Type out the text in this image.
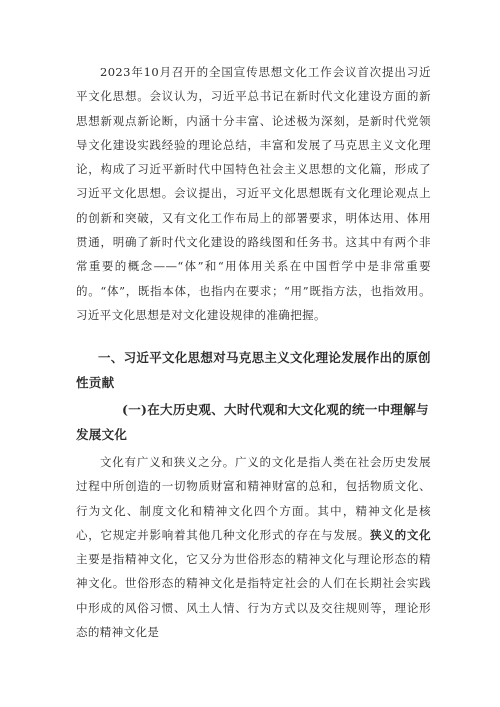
2023年10月召开的全国宣传思想文化工作会议首次提出习近平文化思想。会议认为，习近平总书记在新时代文化建设方面的新思想新观点新论断，内涵十分丰富、论述极为深刻，是新时代党领导文化建设实践经验的理论总结，丰富和发展了马克思主义文化理论，构成了习近平新时代中国特色社会主义思想的文化篇，形成了习近平文化思想。会议提出，习近平文化思想既有文化理论观点上的创新和突破，又有文化工作布局上的部署要求，明体达用、体用贯通，明确了新时代文化建设的路线图和任务书。这其中有两个非常重要的概念——“体”和“用体用关系在中国哲学中是非常重要的。“体”，既指本体，也指内在要求；“用”既指方法，也指效用。习近平文化思想是对文化建设规律的准确把握。

一、习近平文化思想对马克思主义文化理论发展作出的原创性贡献

(一)在大历史观、大时代观和大文化观的统一中理解与发展文化

文化有广义和狭义之分。广义的文化是指人类在社会历史发展过程中所创造的一切物质财富和精神财富的总和，包括物质文化、行为文化、制度文化和精神文化四个方面。其中，精神文化是核心，它规定并影响着其他几种文化形式的存在与发展。狭义的文化主要是指精神文化，它又分为世俗形态的精神文化与理论形态的精神文化。世俗形态的精神文化是指特定社会的人们在长期社会实践中形成的风俗习惯、风土人情、行为方式以及交往规则等，理论形态的精神文化是
